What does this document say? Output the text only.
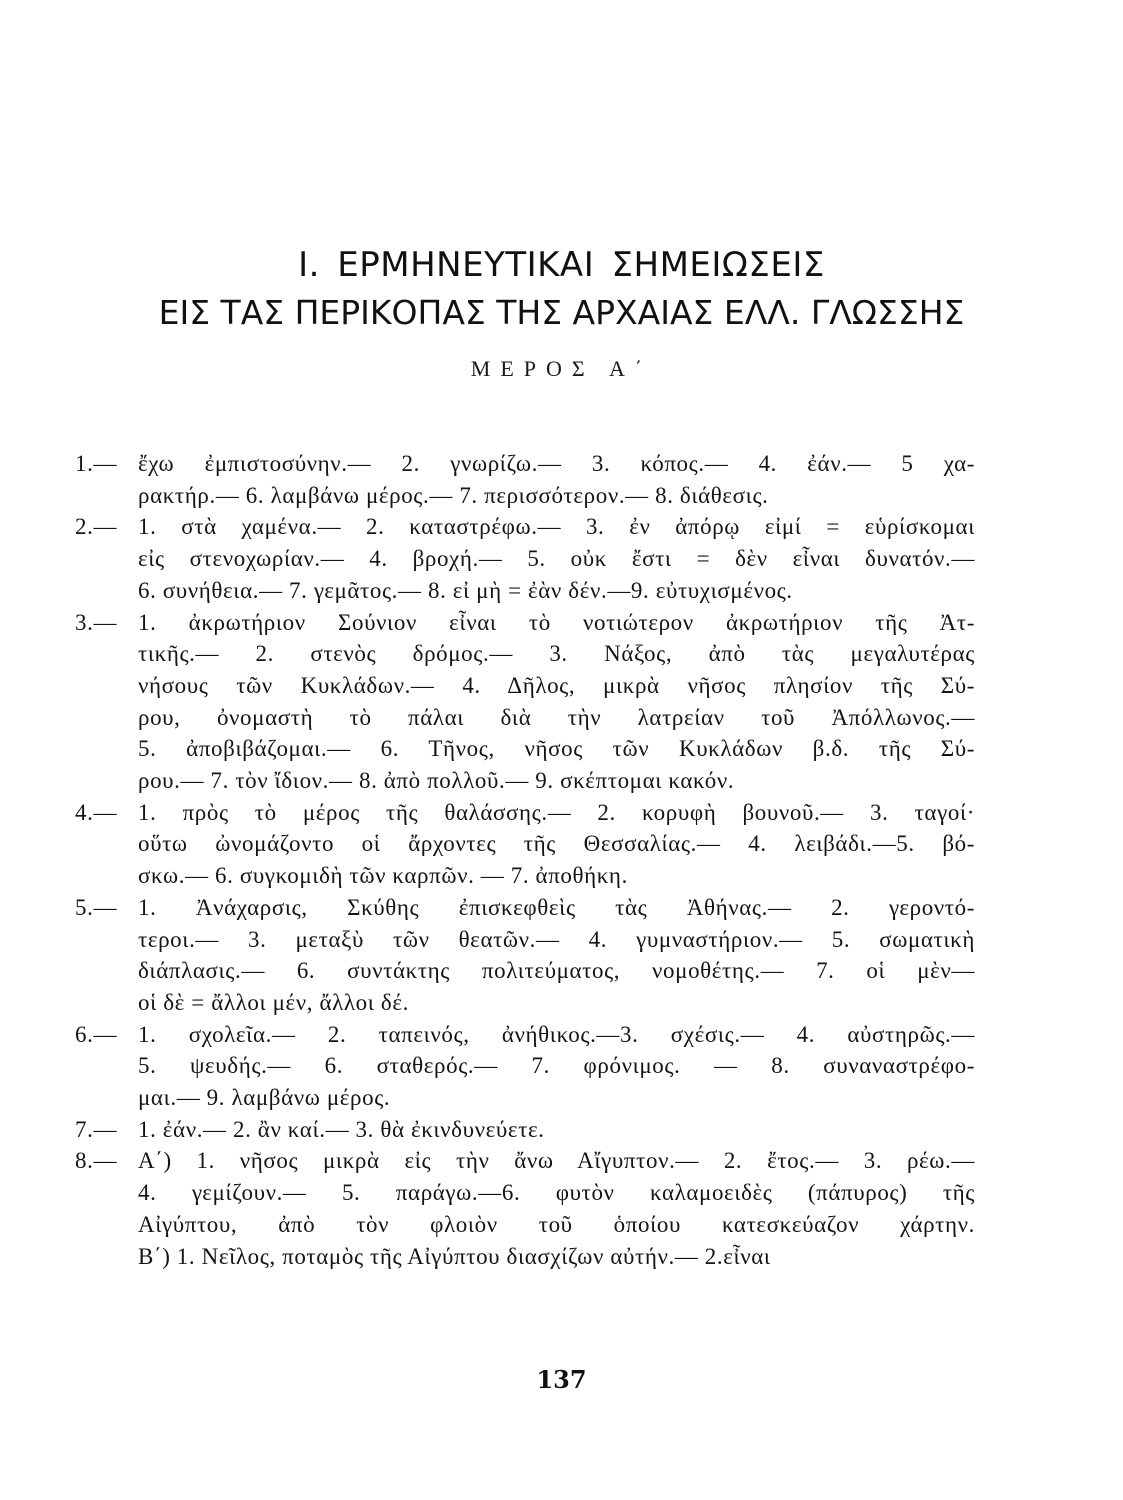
Ι. ΕΡΜΗΝΕΥΤΙΚΑΙ ΣΗΜΕΙΩΣΕΙΣ
ΕΙΣ ΤΑΣ ΠΕΡΙΚΟΠΑΣ ΤΗΣ ΑΡΧΑΙΑΣ ΕΛΛ. ΓΛΩΣΣΗΣ
ΜΕΡΟΣ Α΄
1.— ἔχω ἐμπιστοσύνην.— 2. γνωρίζω.— 3. κόπος.— 4. ἐάν.— 5 χα-
ρακτήρ.— 6. λαμβάνω μέρος.— 7. περισσότερον.— 8. διάθεσις.
2.— 1. στὰ χαμένα.— 2. καταστρέφω.— 3. ἐν ἀπόρῳ εἰμί = εὑρίσκομαι
εἰς στενοχωρίαν.— 4. βροχή.— 5. οὐκ ἔστι = δὲν εἶναι δυνατόν.—
6. συνήθεια.— 7. γεμᾶτος.— 8. εἰ μὴ = ἐὰν δέν.—9. εὐτυχισμένος.
3.— 1. ἀκρωτήριον Σούνιον εἶναι τὸ νοτιώτερον ἀκρωτήριον τῆς Ἀτ-
τικῆς.— 2. στενὸς δρόμος.— 3. Νάξος, ἀπὸ τὰς μεγαλυτέρας
νήσους τῶν Κυκλάδων.— 4. Δῆλος, μικρὰ νῆσος πλησίον τῆς Σύ-
ρου, ὀνομαστὴ τὸ πάλαι διὰ τὴν λατρείαν τοῦ Ἀπόλλωνος.—
5. ἀποβιβάζομαι.— 6. Τῆνος, νῆσος τῶν Κυκλάδων β.δ. τῆς Σύ-
ρου.— 7. τὸν ἴδιον.— 8. ἀπὸ πολλοῦ.— 9. σκέπτομαι κακόν.
4.— 1. πρὸς τὸ μέρος τῆς θαλάσσης.— 2. κορυφὴ βουνοῦ.— 3. ταγοί·
οὕτω ὠνομάζοντο οἱ ἄρχοντες τῆς Θεσσαλίας.— 4. λειβάδι.—5. βό-
σκω.— 6. συγκομιδὴ τῶν καρπῶν. — 7. ἀποθήκη.
5.— 1. Ἀνάχαρσις, Σκύθης ἐπισκεφθεὶς τὰς Ἀθήνας.— 2. γεροντό-
τεροι.— 3. μεταξὺ τῶν θεατῶν.— 4. γυμναστήριον.— 5. σωματικὴ
διάπλασις.— 6. συντάκτης πολιτεύματος, νομοθέτης.— 7. οἱ μὲν—
οἱ δὲ = ἄλλοι μέν, ἄλλοι δέ.
6.— 1. σχολεῖα.— 2. ταπεινός, ἀνήθικος.—3. σχέσις.— 4. αὐστηρῶς.—
5. ψευδής.— 6. σταθερός.— 7. φρόνιμος. — 8. συναναστρέφο-
μαι.— 9. λαμβάνω μέρος.
7.— 1. ἐάν.— 2. ἂν καί.— 3. θὰ ἐκινδυνεύετε.
8.— Α΄) 1. νῆσος μικρὰ εἰς τὴν ἄνω Αἴγυπτον.— 2. ἔτος.— 3. ρέω.—
4. γεμίζουν.— 5. παράγω.—6. φυτὸν καλαμοειδὲς (πάπυρος) τῆς
Αἰγύπτου, ἀπὸ τὸν φλοιὸν τοῦ ὁποίου κατεσκεύαζον χάρτην.
Β΄) 1. Νεῖλος, ποταμὸς τῆς Αἰγύπτου διασχίζων αὐτήν.— 2.εἶναι
137
